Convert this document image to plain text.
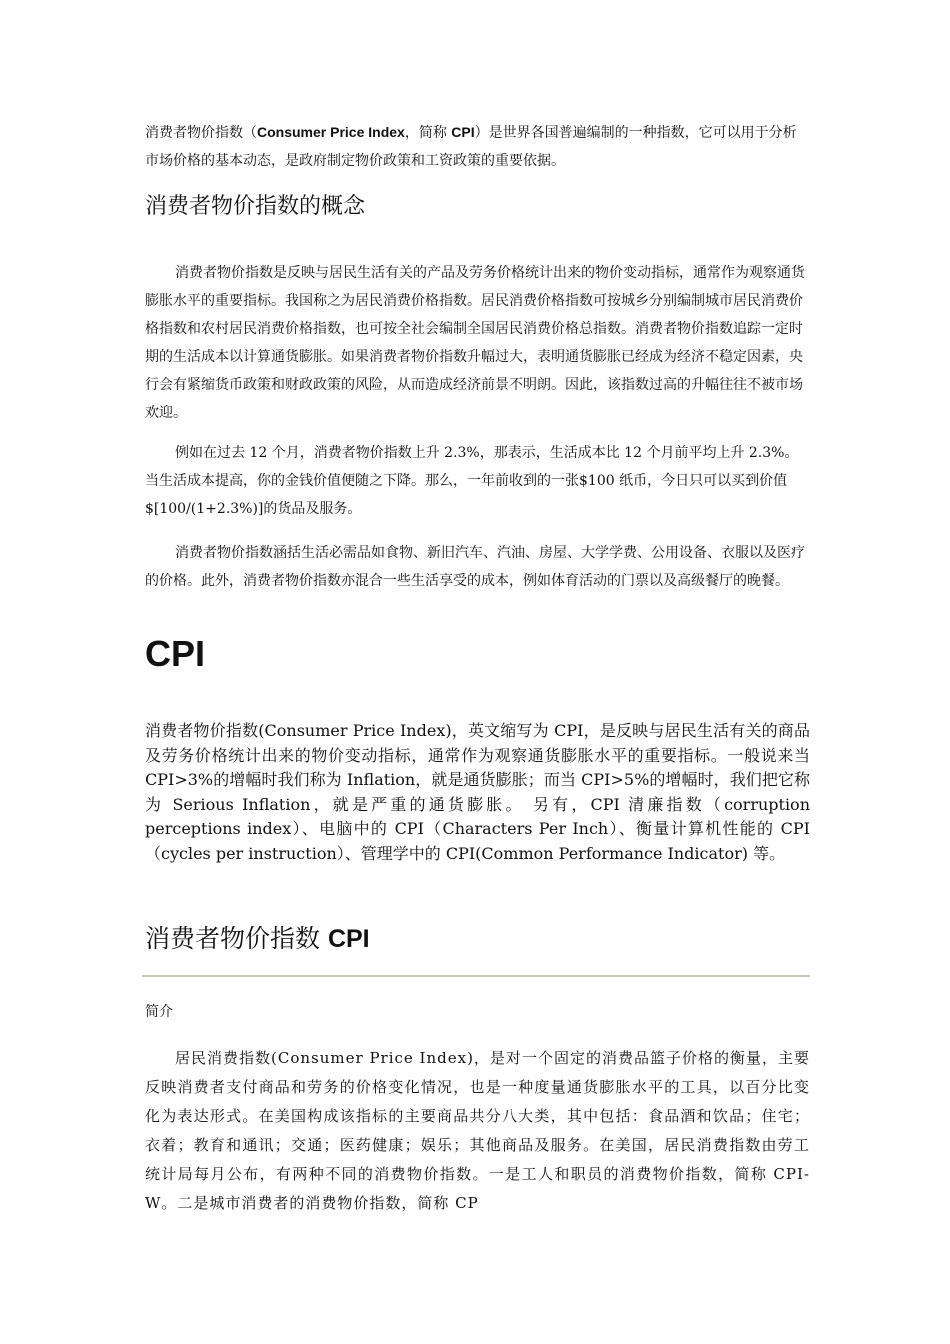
消费者物价指数（Consumer Price Index，简称 CPI）是世界各国普遍编制的一种指数，它可以用于分析市场价格的基本动态，是政府制定物价政策和工资政策的重要依据。

消费者物价指数的概念

消费者物价指数是反映与居民生活有关的产品及劳务价格统计出来的物价变动指标，通常作为观察通货膨胀水平的重要指标。我国称之为居民消费价格指数。居民消费价格指数可按城乡分别编制城市居民消费价格指数和农村居民消费价格指数，也可按全社会编制全国居民消费价格总指数。消费者物价指数追踪一定时期的生活成本以计算通货膨胀。如果消费者物价指数升幅过大，表明通货膨胀已经成为经济不稳定因素，央行会有紧缩货币政策和财政政策的风险，从而造成经济前景不明朗。因此，该指数过高的升幅往往不被市场欢迎。

例如在过去 12 个月，消费者物价指数上升 2.3%，那表示，生活成本比 12 个月前平均上升 2.3%。当生活成本提高，你的金钱价值便随之下降。那么，一年前收到的一张$100 纸币，今日只可以买到价值$[100/(1+2.3%)]的货品及服务。

消费者物价指数涵括生活必需品如食物、新旧汽车、汽油、房屋、大学学费、公用设备、衣服以及医疗的价格。此外，消费者物价指数亦混合一些生活享受的成本，例如体育活动的门票以及高级餐厅的晚餐。

CPI

消费者物价指数(Consumer Price Index)，英文缩写为 CPI，是反映与居民生活有关的商品及劳务价格统计出来的物价变动指标，通常作为观察通货膨胀水平的重要指标。一般说来当 CPI>3%的增幅时我们称为 Inflation，就是通货膨胀；而当 CPI>5%的增幅时，我们把它称为 Serious Inflation，就是严重的通货膨胀。 另有，CPI 清廉指数（corruption perceptions index）、电脑中的 CPI（Characters Per Inch）、衡量计算机性能的 CPI（cycles per instruction）、管理学中的 CPI(Common Performance Indicator) 等。

消费者物价指数 CPI

简介

居民消费指数(Consumer Price Index)，是对一个固定的消费品篮子价格的衡量，主要反映消费者支付商品和劳务的价格变化情况，也是一种度量通货膨胀水平的工具，以百分比变化为表达形式。在美国构成该指标的主要商品共分八大类，其中包括：食品酒和饮品；住宅；衣着；教育和通讯；交通；医药健康；娱乐；其他商品及服务。在美国，居民消费指数由劳工统计局每月公布，有两种不同的消费物价指数。一是工人和职员的消费物价指数，简称 CPI-W。二是城市消费者的消费物价指数，简称 CP
